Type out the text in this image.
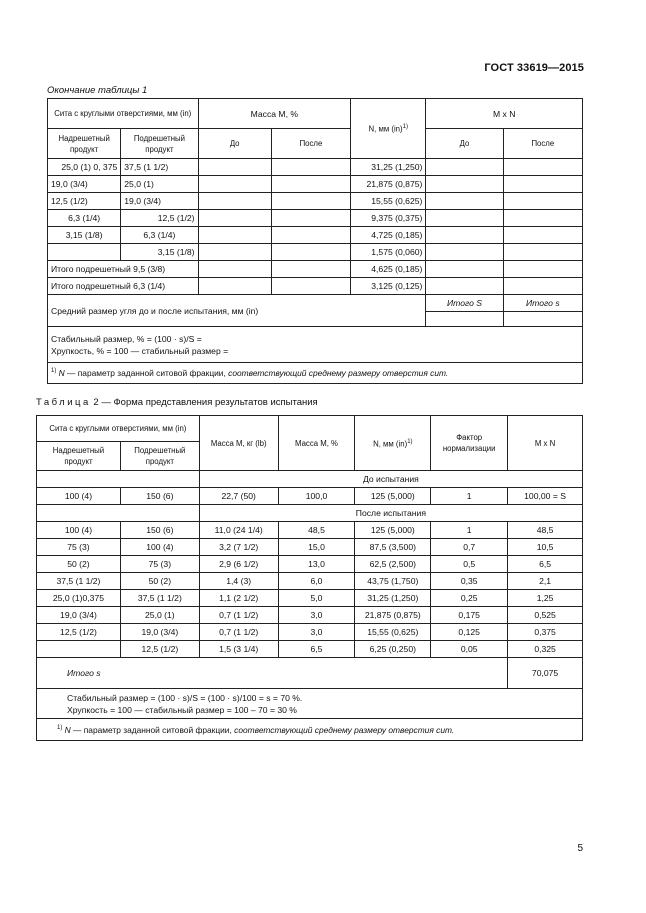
ГОСТ 33619—2015
Окончание таблицы 1
Сита с круглыми отверстиями, мм (in)		Масса M, %		N, мм (in)$^{1)}$	M x N	
Надрешетный продукт	Подрешетный продукт	До	После		До	После
25,0 (1) 0, 375	37,5 (1 1/2)			31,25 (1,250)		
19,0 (3/4)	25,0 (1)			21,875 (0,875)		
12,5 (1/2)	19,0 (3/4)			15,55 (0,625)		
6,3 (1/4)	12,5 (1/2)			9,375 (0,375)		
3,15 (1/8)	6,3 (1/4)			4,725 (0,185)		
	3,15 (1/8)			1,575 (0,060)		
Итого подрешетный 9,5 (3/8)				4,625 (0,185)		
Итого подрешетный 6,3 (1/4)				3,125 (0,125)		
Средний размер угля до и после испытания, мм (in)					Итого S	Итого s

Стабильный размер, % = (100 · s)/S =
Хрупкость, % = 100 — стабильный размер =						

$^{1)}$ N — параметр заданной ситовой фракции, соответствующий среднему размеру отверстия сит.						
Таблица 2 — Форма представления результатов испытания
Сита с круглыми отверстиями, мм (in)		Масса M, кг (lb)	Масса M, %	N, мм (in)$^{1)}$	Фактор нормализации	M x N
Надрешетный продукт	Подрешетный продукт					
		До испытания				
100 (4)	150 (6)	22,7 (50)	100,0	125 (5,000)	1	100,00 = S
		После испытания				
100 (4)	150 (6)	11,0 (24 1/4)	48,5	125 (5,000)	1	48,5
75 (3)	100 (4)	3,2 (7 1/2)	15,0	87,5 (3,500)	0,7	10,5
50 (2)	75 (3)	2,9 (6 1/2)	13,0	62,5 (2,500)	0,5	6,5
37,5 (1 1/2)	50 (2)	1,4 (3)	6,0	43,75 (1,750)	0,35	2,1
25,0 (1)0,375	37,5 (1 1/2)	1,1 (2 1/2)	5,0	31,25 (1,250)	0,25	1,25
19,0 (3/4)	25,0 (1)	0,7 (1 1/2)	3,0	21,875 (0,875)	0,175	0,525
12,5 (1/2)	19,0 (3/4)	0,7 (1 1/2)	3,0	15,55 (0,625)	0,125	0,375
	12,5 (1/2)	1,5 (3 1/4)	6,5	6,25 (0,250)	0,05	0,325
Итого s						70,075

Стабильный размер = (100 · s)/S = (100 · s)/100 = s = 70 %.
Хрупкость = 100 — стабильный размер = 100 – 70 = 30 %						

$^{1)}$ N — параметр заданной ситовой фракции, соответствующий среднему размеру отверстия сит.						
5
